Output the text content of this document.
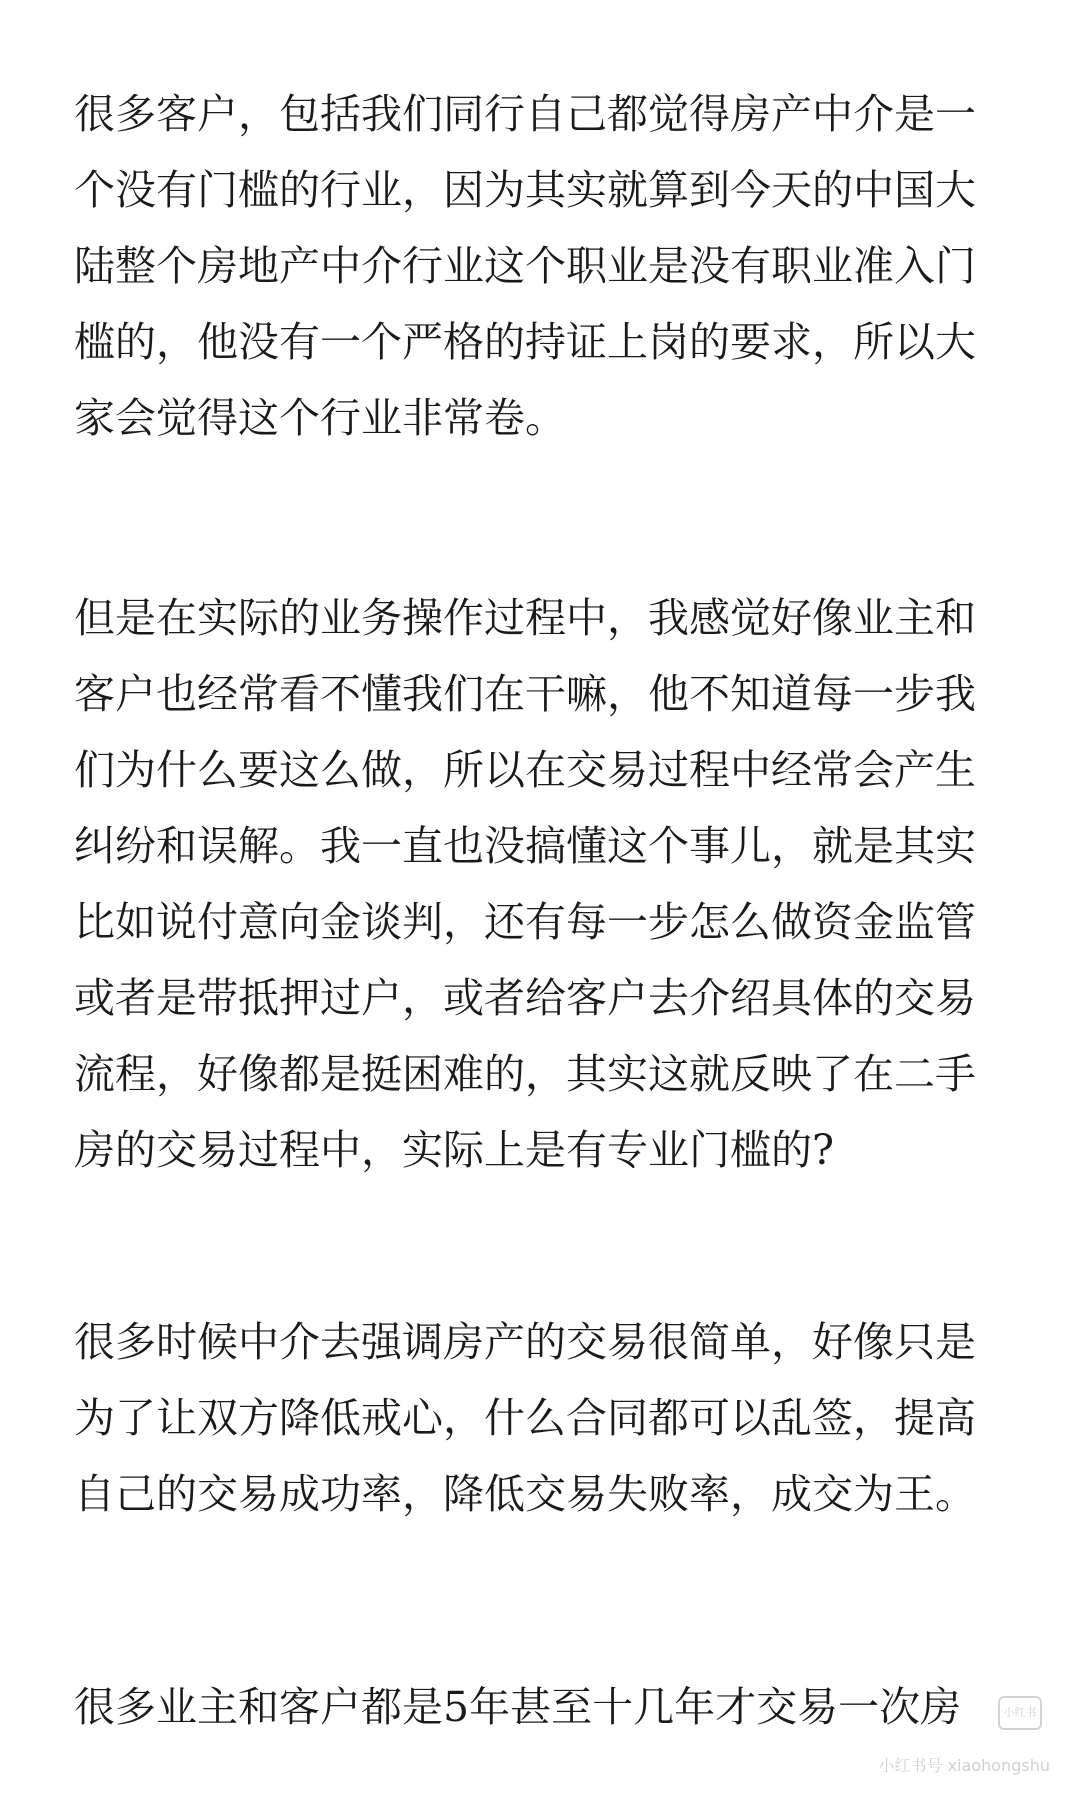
很多客户，包括我们同行自己都觉得房产中介是一
个没有门槛的行业，因为其实就算到今天的中国大
陆整个房地产中介行业这个职业是没有职业准入门
槛的，他没有一个严格的持证上岗的要求，所以大
家会觉得这个行业非常卷。
但是在实际的业务操作过程中，我感觉好像业主和
客户也经常看不懂我们在干嘛，他不知道每一步我
们为什么要这么做，所以在交易过程中经常会产生
纠纷和误解。我一直也没搞懂这个事儿，就是其实
比如说付意向金谈判，还有每一步怎么做资金监管
或者是带抵押过户，或者给客户去介绍具体的交易
流程，好像都是挺困难的，其实这就反映了在二手
房的交易过程中，实际上是有专业门槛的?
很多时候中介去强调房产的交易很简单，好像只是
为了让双方降低戒心，什么合同都可以乱签，提高
自己的交易成功率，降低交易失败率，成交为王。
很多业主和客户都是5年甚至十几年才交易一次房	小红书
小红书号 xiaohongshu
